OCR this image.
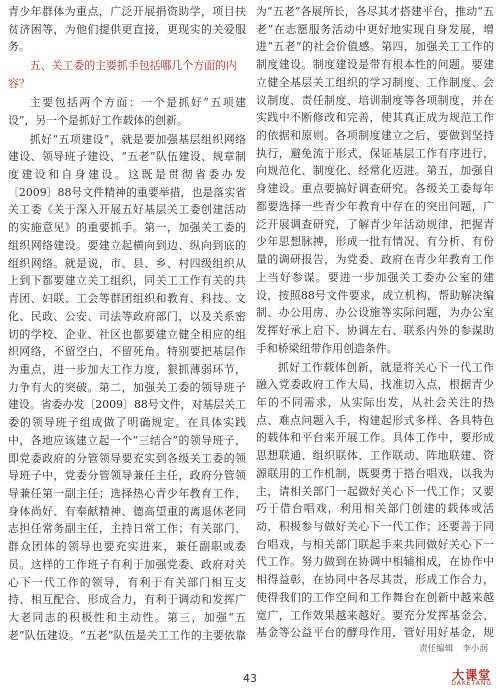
青少年群体为重点，广泛开展捐资助学，项目扶贫济困等，为他们提供更直接，更现实的关爱服务。

五、关工委的主要抓手包括哪几个方面的内容？

主要包括两个方面：一个是抓好“五项建设”，另一个是抓好工作载体的创新。

抓好“五项建设”，就是要加强基层组织网络建设、领导班子建设、“五老”队伍建设、规章制度建设和自身建设。这既是贯彻省委办发〔2009〕88号文件精神的重要举措，也是落实省关工委《关于深入开展五好基层关工委创建活动的实施意见》的重要抓手。第一，加强关工委的组织网络建设。要建立起横向到边、纵向到底的组织网络。就是说，市、县、乡、村四级组织从上到下都要建立关工组织，同关工工作有关的共青团、妇联、工会等群团组织和教育、科技、文化、民政、公安、司法等政府部门，以及关系密切的学校、企业、社区也都要建立健全相应的组织网络，不留空白，不留死角。特别要把基层作为重点，进一步加大工作力度，狠抓薄弱环节，力争有大的突破。第二，加强关工委的领导班子建设。省委办发〔2009〕88号文件，对基层关工委的领导班子组成做了明确规定。在具体实践中，各地应该建立起一个“三结合”的领导班子，即党委政府的分管领导要充实到各级关工委的领导班子中，党委分管领导兼任主任，政府分管领导兼任第一副主任；选择热心青少年教育工作、身体尚好、有奉献精神、德高望重的离退休老同志担任常务副主任，主持日常工作；有关部门、群众团体的领导也要充实进来，兼任副职或委员。这样的工作班子有利于加强党委、政府对关心下一代工作的领导，有利于有关部门相互支持、相互配合、形成合力，有利于调动和发挥广大老同志的积极性和主动性。第三，加强“五老”队伍建设。“五老”队伍是关工工作的主要依靠

为“五老”各展所长，各尽其才搭建平台，推动“五老”在志愿服务活动中更好地实现自身发展，增进“五老”的社会价值感。第四，加强关工工作的制度建设。制度建设是带有根本性的问题。要建立健全基层关工组织的学习制度、工作制度、会议制度、责任制度、培训制度等各项制度，并在实践中不断修改和完善，使其真正成为规范工作的依据和原则。各项制度建立之后，要做到坚持执行，避免流于形式，保证基层工作有序进行，向规范化、制度化、经常化迈进。第五，加强自身建设。重点要搞好调查研究。各级关工委每年都要选择一些青少年教育中存在的突出问题，广泛开展调查研究，了解青少年活动规律，把握青少年思想脉搏，形成一批有情况、有分析、有份量的调研报告，为党委、政府在青少年教育工作上当好参谋。要进一步加强关工委办公室的建设，按照88号文件要求，成立机构，帮助解决编制、办公用房、办公设施等实际问题，为办公室发挥好承上启下、协调左右、联系内外的参谋助手和桥梁纽带作用创造条件。

抓好工作载体创新，就是将关心下一代工作融入党委政府工作大局，找准切入点，根据青少年的不同需求，从实际出发，从社会关注的热点、难点问题入手，构建起形式多样、各具特色的载体和平台来开展工作。具体工作中，要形成思想联通、组织联体、工作联动、阵地联建、资源联用的工作机制，既要勇于搭台唱戏，以我为主，请相关部门一起做好关心下一代工作；又要巧于借台唱戏，利用相关部门创建的载体或活动，积极参与做好关心下一代工作；还要善于同台唱戏，与相关部门联起手来共同做好关心下一代工作。努力做到在协调中相辅相成，在协作中相得益彰，在协同中各尽其责，形成工作合力，使得我们的工作空间和工作舞台在创新中越来越宽广，工作效果越来越好。要充分发挥基金会、基金等公益平台的酵母作用，管好用好基金，规

责任编辑 李小润
43	大课堂
DAKETANG
